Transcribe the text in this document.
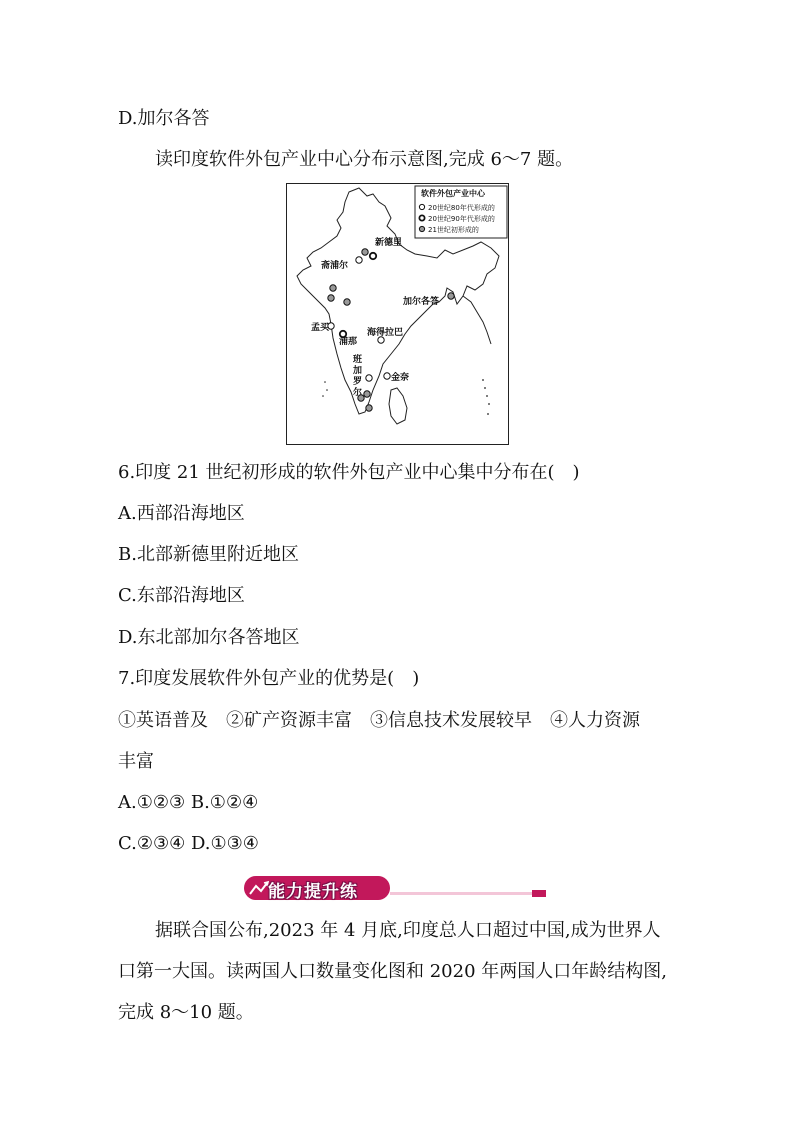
D.加尔各答
读印度软件外包产业中心分布示意图,完成 6～7 题。
软件外包产业中心
20世纪80年代形成的
20世纪90年代形成的
21世纪初形成的
新德里
斋浦尔
加尔各答
孟买
浦那
海得拉巴
班
加
罗
尔
金奈
6.印度 21 世纪初形成的软件外包产业中心集中分布在(　)
A.西部沿海地区
B.北部新德里附近地区
C.东部沿海地区
D.东北部加尔各答地区
7.印度发展软件外包产业的优势是(　)
①英语普及　②矿产资源丰富　③信息技术发展较早　④人力资源
丰富
A.①②③ B.①②④
C.②③④ D.①③④
能力提升练
据联合国公布,2023 年 4 月底,印度总人口超过中国,成为世界人
口第一大国。读两国人口数量变化图和 2020 年两国人口年龄结构图,
完成 8～10 题。
